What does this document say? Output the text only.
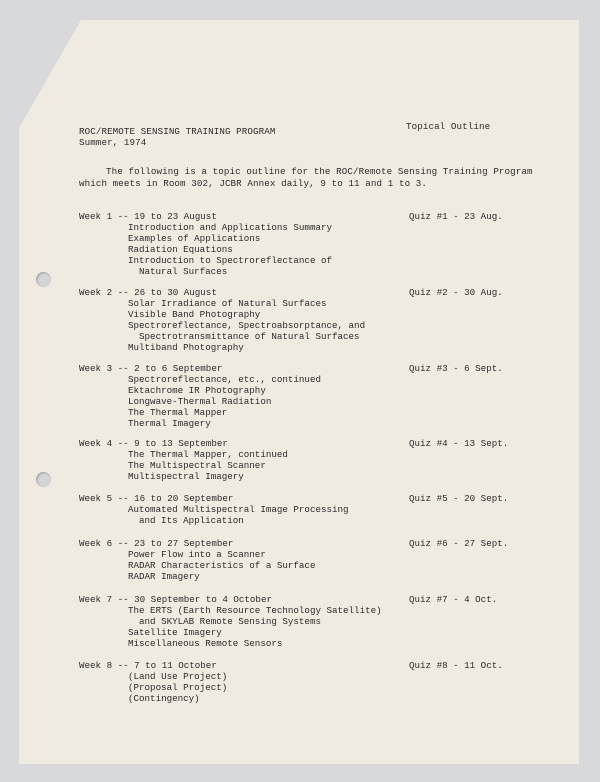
ROC/REMOTE SENSING TRAINING PROGRAM
Summer, 1974
Topical Outline
The following is a topic outline for the ROC/Remote Sensing Training Program
which meets in Room 302, JCBR Annex daily, 9 to 11 and 1 to 3.
Week 1 -- 19 to 23 August	Quiz #1 - 23 Aug.
Introduction and Applications Summary
Examples of Applications
Radiation Equations
Introduction to Spectroreflectance of
Natural Surfaces
Week 2 -- 26 to 30 August	Quiz #2 - 30 Aug.
Solar Irradiance of Natural Surfaces
Visible Band Photography
Spectroreflectance, Spectroabsorptance, and
Spectrotransmittance of Natural Surfaces
Multiband Photography
Week 3 -- 2 to 6 September	Quiz #3 - 6 Sept.
Spectroreflectance, etc., continued
Ektachrome IR Photography
Longwave-Thermal Radiation
The Thermal Mapper
Thermal Imagery
Week 4 -- 9 to 13 September	Quiz #4 - 13 Sept.
The Thermal Mapper, continued
The Multispectral Scanner
Multispectral Imagery
Week 5 -- 16 to 20 September	Quiz #5 - 20 Sept.
Automated Multispectral Image Processing
and Its Application
Week 6 -- 23 to 27 September	Quiz #6 - 27 Sept.
Power Flow into a Scanner
RADAR Characteristics of a Surface
RADAR Imagery
Week 7 -- 30 September to 4 October	Quiz #7 - 4 Oct.
The ERTS (Earth Resource Technology Satellite)
and SKYLAB Remote Sensing Systems
Satellite Imagery
Miscellaneous Remote Sensors
Week 8 -- 7 to 11 October	Quiz #8 - 11 Oct.
(Land Use Project)
(Proposal Project)
(Contingency)
